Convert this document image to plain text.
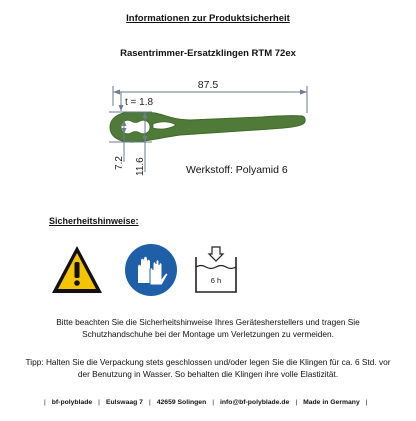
Informationen zur Produktsicherheit
Rasentrimmer-Ersatzklingen RTM 72ex
87.5
t = 1.8
7.2 11.6	Werkstoff: Polyamid 6
Sicherheitshinweise:
6 h
Bitte beachten Sie die Sicherheitshinweise Ihres Gerätesherstellers und tragen Sie Schutzhandschuhe bei der Montage um Verletzungen zu vermeiden.
Tipp: Halten Sie die Verpackung stets geschlossen und/oder legen Sie die Klingen für ca. 6 Std. vor der Benutzung in Wasser. So behalten die Klingen ihre volle Elastizität.
| bf-polyblade | Eulswaag 7 | 42659 Solingen | info@bf-polyblade.de | Made in Germany |
